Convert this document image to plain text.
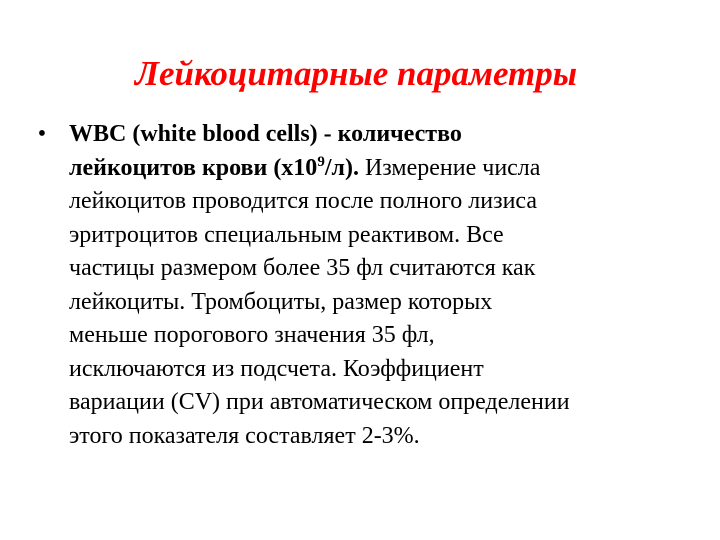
Лейкоцитарные параметры
• WBC (white blood cells) - количество
лейкоцитов крови $(x10^9/л)$. Измерение числа
лейкоцитов проводится после полного лизиса
эритроцитов специальным реактивом. Все
частицы размером более 35 фл считаются как
лейкоциты. Тромбоциты, размер которых
меньше порогового значения 35 фл,
исключаются из подсчета. Коэффициент
вариации (CV) при автоматическом определении
этого показателя составляет 2-3%.
